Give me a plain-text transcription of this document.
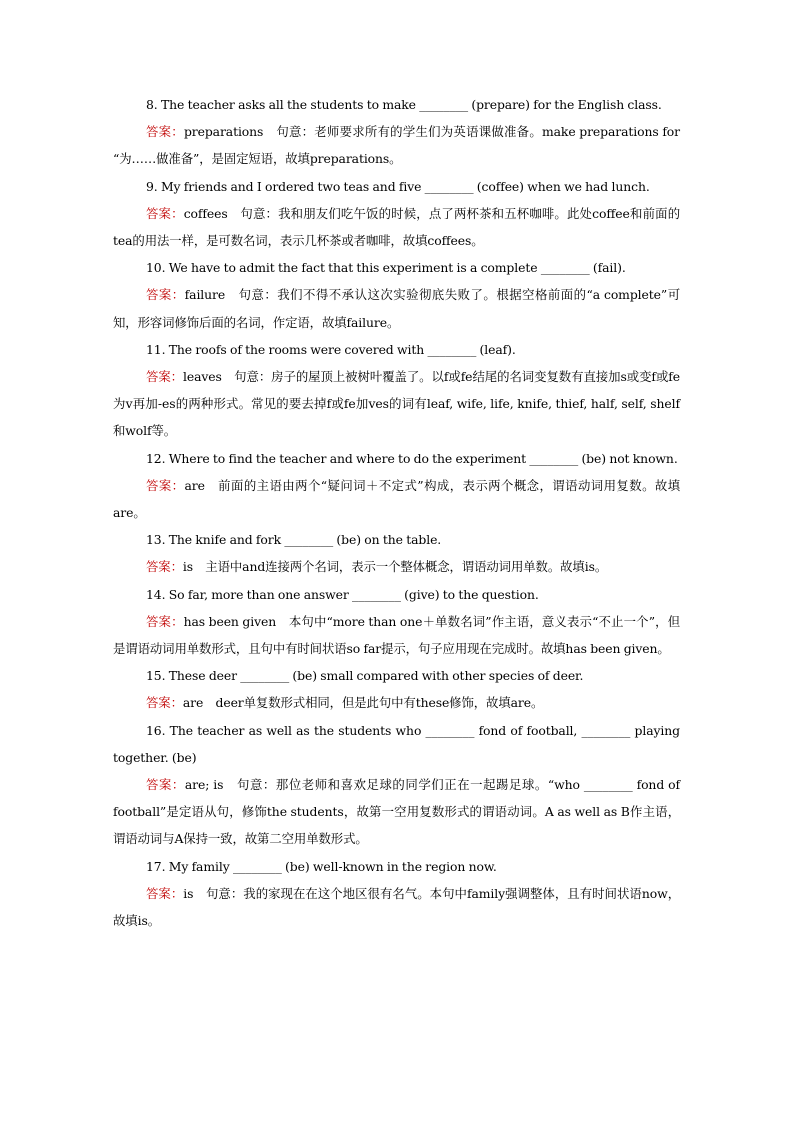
8. The teacher asks all the students to make ________ (prepare) for the English class.

答案：preparations　句意：老师要求所有的学生们为英语课做准备。make preparations for “为……做准备”，是固定短语，故填preparations。

9. My friends and I ordered two teas and five ________ (coffee) when we had lunch.

答案：coffees　句意：我和朋友们吃午饭的时候，点了两杯茶和五杯咖啡。此处coffee和前面的tea的用法一样，是可数名词，表示几杯茶或者咖啡，故填coffees。

10. We have to admit the fact that this experiment is a complete ________ (fail).

答案：failure　句意：我们不得不承认这次实验彻底失败了。根据空格前面的“a complete”可知，形容词修饰后面的名词，作定语，故填failure。

11. The roofs of the rooms were covered with ________ (leaf).

答案：leaves　句意：房子的屋顶上被树叶覆盖了。以f或fe结尾的名词变复数有直接加s或变f或fe为v再加-es的两种形式。常见的要去掉f或fe加ves的词有leaf, wife, life, knife, thief, half, self, shelf和wolf等。

12. Where to find the teacher and where to do the experiment ________ (be) not known.

答案：are　前面的主语由两个“疑问词＋不定式”构成，表示两个概念，谓语动词用复数。故填are。

13. The knife and fork ________ (be) on the table.

答案：is　主语中and连接两个名词，表示一个整体概念，谓语动词用单数。故填is。

14. So far, more than one answer ________ (give) to the question.

答案：has been given　本句中“more than one＋单数名词”作主语，意义表示“不止一个”，但是谓语动词用单数形式，且句中有时间状语so far提示，句子应用现在完成时。故填has been given。

15. These deer ________ (be) small compared with other species of deer.

答案：are　deer单复数形式相同，但是此句中有these修饰，故填are。

16. The teacher as well as the students who ________ fond of football, ________ playing together. (be)

答案：are; is　句意：那位老师和喜欢足球的同学们正在一起踢足球。“who ________ fond of football”是定语从句，修饰the students，故第一空用复数形式的谓语动词。A as well as B作主语，谓语动词与A保持一致，故第二空用单数形式。

17. My family ________ (be) well-known in the region now.

答案：is　句意：我的家现在在这个地区很有名气。本句中family强调整体，且有时间状语now，故填is。
